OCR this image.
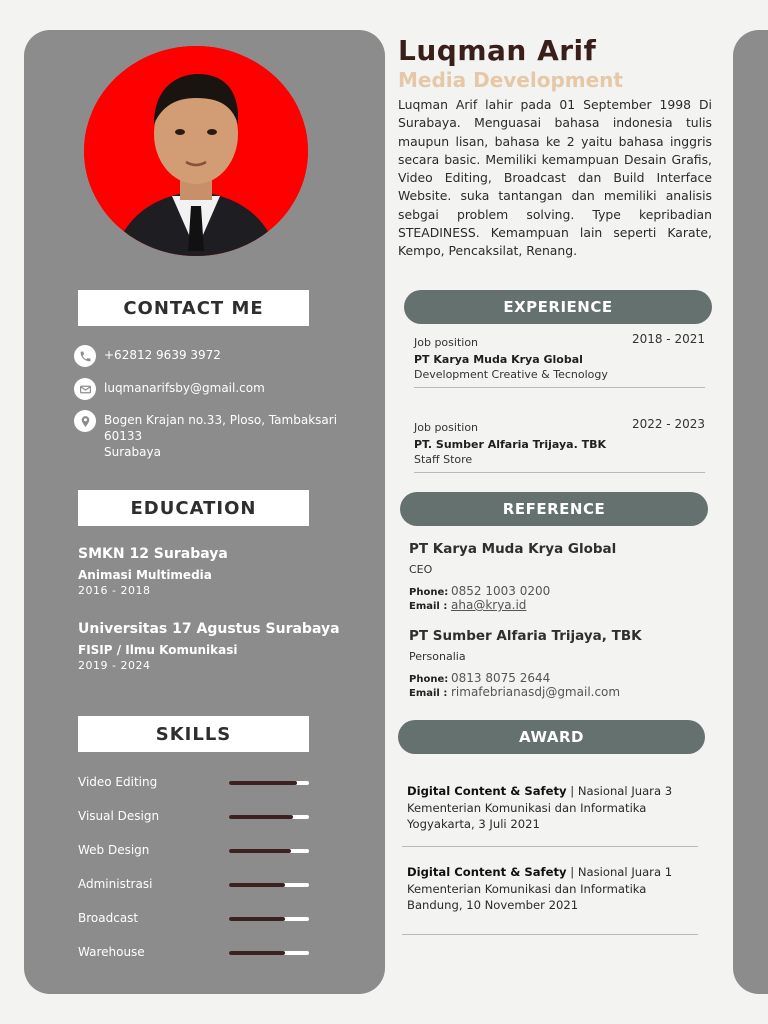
CONTACT ME
+62812 9639 3972
luqmanarifsby@gmail.com
Bogen Krajan no.33, Ploso, Tambaksari
60133
Surabaya
EDUCATION
SMKN 12 Surabaya
Animasi Multimedia
2016 - 2018
Universitas 17 Agustus Surabaya
FISIP / Ilmu Komunikasi
2019 - 2024
SKILLS
Video Editing
Visual Design
Web Design
Administrasi
Broadcast
Warehouse
Luqman Arif
Media Development
Luqman Arif lahir pada 01 September 1998 Di Surabaya. Menguasai bahasa indonesia tulis maupun lisan, bahasa ke 2 yaitu bahasa inggris secara basic. Memiliki kemampuan Desain Grafis, Video Editing, Broadcast dan Build Interface Website. suka tantangan dan memiliki analisis sebgai problem solving. Type kepribadian STEADINESS. Kemampuan lain seperti Karate, Kempo, Pencaksilat, Renang.
EXPERIENCE
Job position	2018 - 2021
PT Karya Muda Krya Global
Development Creative & Tecnology
Job position	2022 - 2023
PT. Sumber Alfaria Trijaya. TBK
Staff Store
REFERENCE
PT Karya Muda Krya Global
CEO
Phone: 0852 1003 0200
Email : aha@krya.id
PT Sumber Alfaria Trijaya, TBK
Personalia
Phone: 0813 8075 2644
Email : rimafebrianasdj@gmail.com
AWARD
Digital Content & Safety | Nasional Juara 3
Kementerian Komunikasi dan Informatika
Yogyakarta, 3 Juli 2021
Digital Content & Safety | Nasional Juara 1
Kementerian Komunikasi dan Informatika
Bandung, 10 November 2021
